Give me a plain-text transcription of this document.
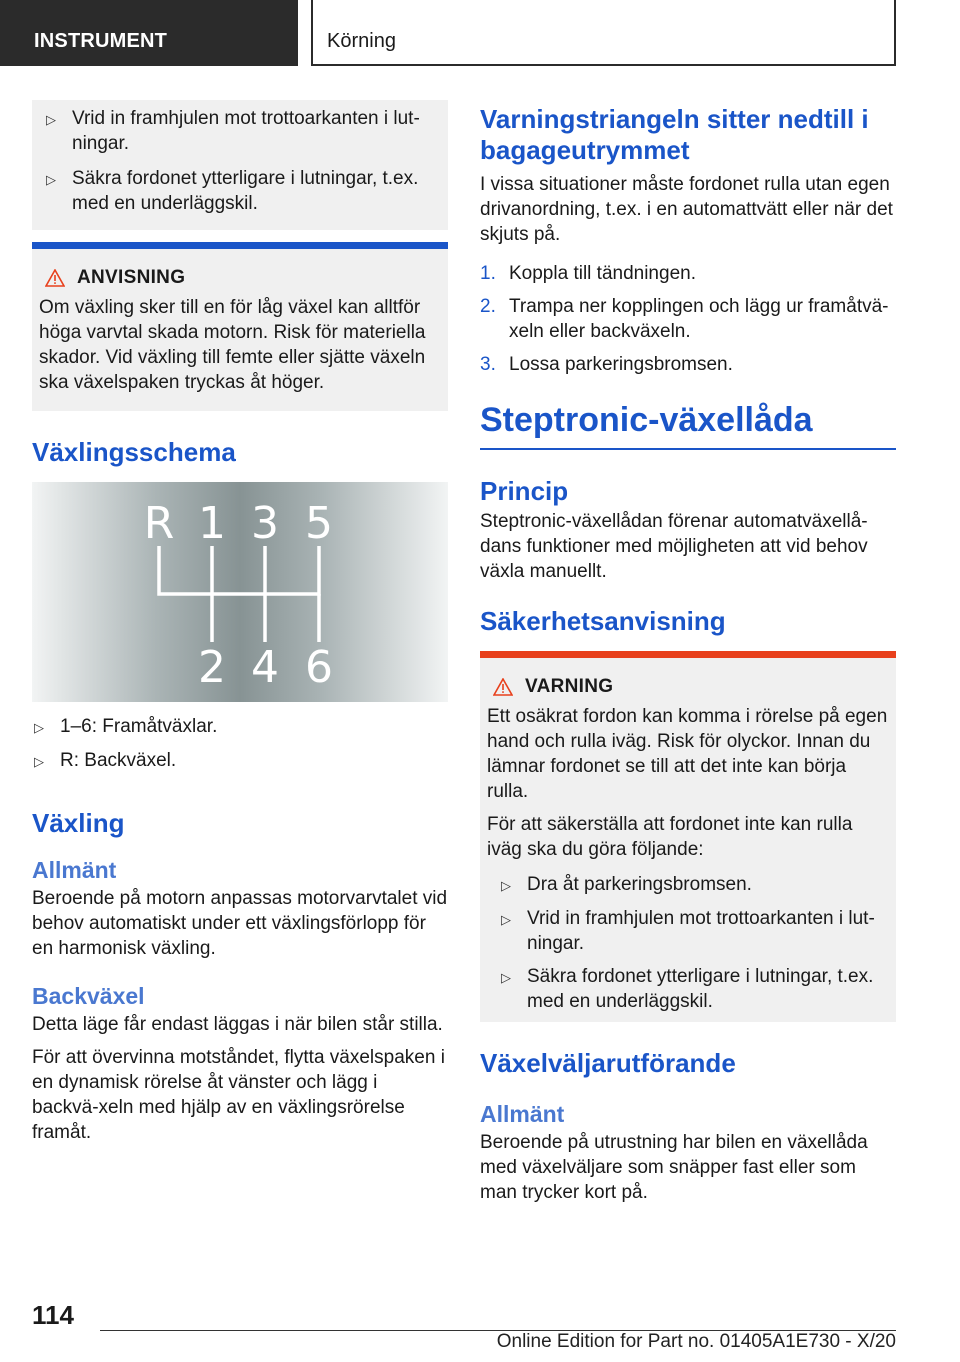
INSTRUMENT	Körning
▷ Vrid in framhjulen mot trottoarkanten i lut-ningar.
▷ Säkra fordonet ytterligare i lutningar, t.ex. med en underläggskil.
ANVISNING

Om växling sker till en för låg växel kan alltför höga varvtal skada motorn. Risk för materiella skador. Vid växling till femte eller sjätte växeln ska växelspaken tryckas åt höger.

Växlingsschema
R 1 3 5
2 4 6
▷ 1–6: Framåtväxlar.
▷ R: Backväxel.
Växling
Allmänt

Beroende på motorn anpassas motorvarvtalet vid behov automatiskt under ett växlingsförlopp för en harmonisk växling.

Backväxel

Detta läge får endast läggas i när bilen står stilla.

För att övervinna motståndet, flytta växelspaken i en dynamisk rörelse åt vänster och lägg i backvä-xeln med hjälp av en växlingsrörelse framåt.

Varningstriangeln sitter nedtill i bagageutrymmet

I vissa situationer måste fordonet rulla utan egen drivanordning, t.ex. i en automattvätt eller när det skjuts på.

1. Koppla till tändningen.
2. Trampa ner kopplingen och lägg ur framåtvä-xeln eller backväxeln.
3. Lossa parkeringsbromsen.
Steptronic-växellåda
Princip

Steptronic-växellådan förenar automatväxellå-dans funktioner med möjligheten att vid behov växla manuellt.

Säkerhetsanvisning
VARNING

Ett osäkrat fordon kan komma i rörelse på egen hand och rulla iväg. Risk för olyckor. Innan du lämnar fordonet se till att det inte kan börja rulla.

För att säkerställa att fordonet inte kan rulla iväg ska du göra följande:

▷ Dra åt parkeringsbromsen.
▷ Vrid in framhjulen mot trottoarkanten i lut-ningar.
▷ Säkra fordonet ytterligare i lutningar, t.ex. med en underläggskil.
Växelväljarutförande
Allmänt

Beroende på utrustning har bilen en växellåda med växelväljare som snäpper fast eller som man trycker kort på.

114
Online Edition for Part no. 01405A1E730 - X/20
